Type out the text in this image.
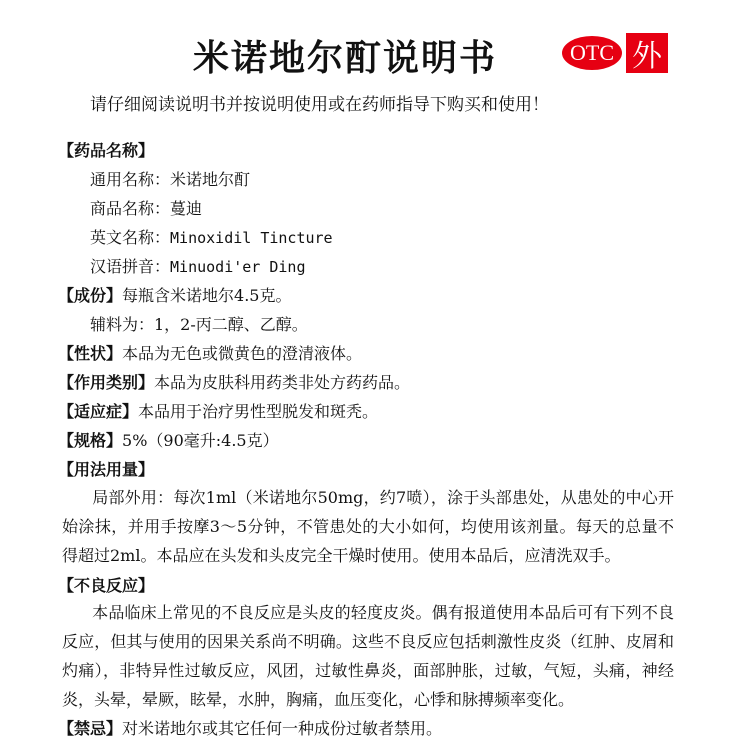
米诺地尔酊说明书	OTC 外

请仔细阅读说明书并按说明使用或在药师指导下购买和使用！

【药品名称】
通用名称：米诺地尔酊
商品名称：蔓迪
英文名称：Minoxidil Tincture
汉语拼音：Minuodi'er Ding
【成份】每瓶含米诺地尔4.5克。
辅料为：1，2-丙二醇、乙醇。
【性状】本品为无色或微黄色的澄清液体。
【作用类别】本品为皮肤科用药类非处方药药品。
【适应症】本品用于治疗男性型脱发和斑秃。
【规格】5%（90毫升:4.5克）
【用法用量】

局部外用：每次1ml（米诺地尔50mg，约7喷），涂于头部患处，从患处的中心开始涂抹，并用手按摩3～5分钟，不管患处的大小如何，均使用该剂量。每天的总量不得超过2ml。本品应在头发和头皮完全干燥时使用。使用本品后，应清洗双手。

【不良反应】

本品临床上常见的不良反应是头皮的轻度皮炎。偶有报道使用本品后可有下列不良反应，但其与使用的因果关系尚不明确。这些不良反应包括刺激性皮炎（红肿、皮屑和灼痛），非特异性过敏反应，风团，过敏性鼻炎，面部肿胀，过敏，气短，头痛，神经炎，头晕，晕厥，眩晕，水肿，胸痛，血压变化，心悸和脉搏频率变化。

【禁忌】对米诺地尔或其它任何一种成份过敏者禁用。
